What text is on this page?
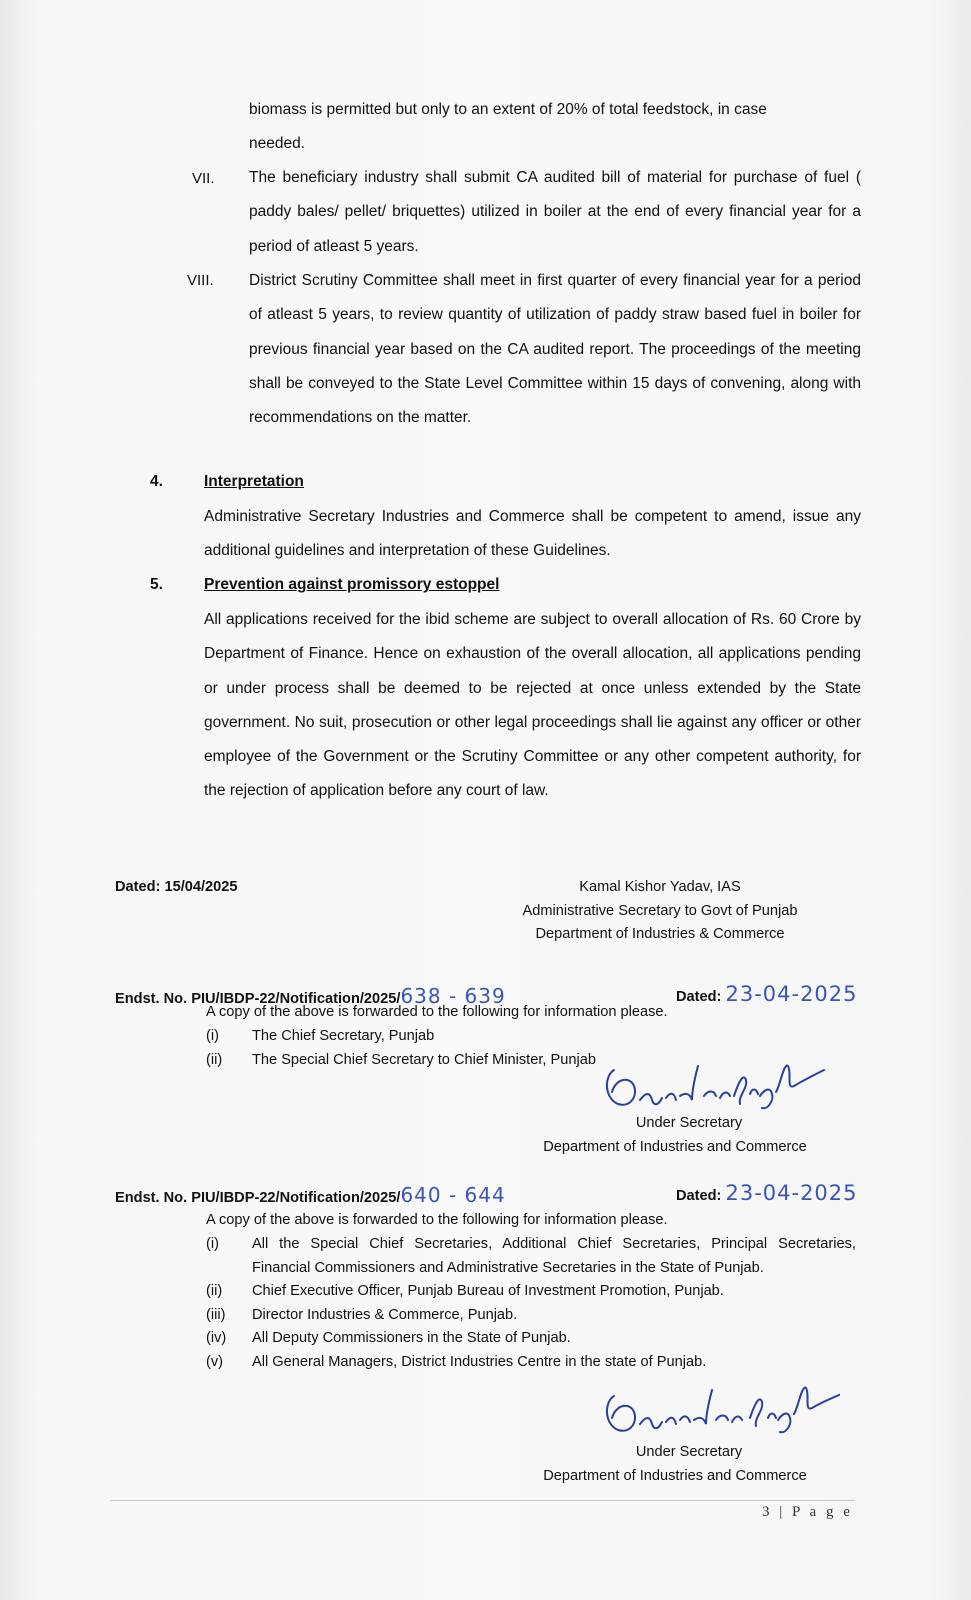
biomass is permitted but only to an extent of 20% of total feedstock, in case

needed.

VII. The beneficiary industry shall submit CA audited bill of material for purchase of fuel ( paddy bales/ pellet/ briquettes) utilized in boiler at the end of every financial year for a period of atleast 5 years.

VIII. District Scrutiny Committee shall meet in first quarter of every financial year for a period of atleast 5 years, to review quantity of utilization of paddy straw based fuel in boiler for previous financial year based on the CA audited report. The proceedings of the meeting shall be conveyed to the State Level Committee within 15 days of convening, along with recommendations on the matter.

4.	Interpretation

Administrative Secretary Industries and Commerce shall be competent to amend, issue any additional guidelines and interpretation of these Guidelines.

5.	Prevention against promissory estoppel

All applications received for the ibid scheme are subject to overall allocation of Rs. 60 Crore by Department of Finance. Hence on exhaustion of the overall allocation, all applications pending or under process shall be deemed to be rejected at once unless extended by the State government. No suit, prosecution or other legal proceedings shall lie against any officer or other employee of the Government or the Scrutiny Committee or any other competent authority, for the rejection of application before any court of law.

Dated: 15/04/2025	Kamal Kishor Yadav, IAS
Administrative Secretary to Govt of Punjab
Department of Industries & Commerce
Endst. No. PIU/IBDP-22/Notification/2025/638 - 639	Dated: 23-04-2025
A copy of the above is forwarded to the following for information please.
(i)	The Chief Secretary, Punjab
(ii)	The Special Chief Secretary to Chief Minister, Punjab
Under Secretary
Department of Industries and Commerce
Endst. No. PIU/IBDP-22/Notification/2025/640 - 644	Dated: 23-04-2025
A copy of the above is forwarded to the following for information please.
(i)	All the Special Chief Secretaries, Additional Chief Secretaries, Principal Secretaries, Financial Commissioners and Administrative Secretaries in the State of Punjab.
(ii)	Chief Executive Officer, Punjab Bureau of Investment Promotion, Punjab.
(iii)	Director Industries & Commerce, Punjab.
(iv)	All Deputy Commissioners in the State of Punjab.
(v)	All General Managers, District Industries Centre in the state of Punjab.
Under Secretary
Department of Industries and Commerce
3 | P a g e
